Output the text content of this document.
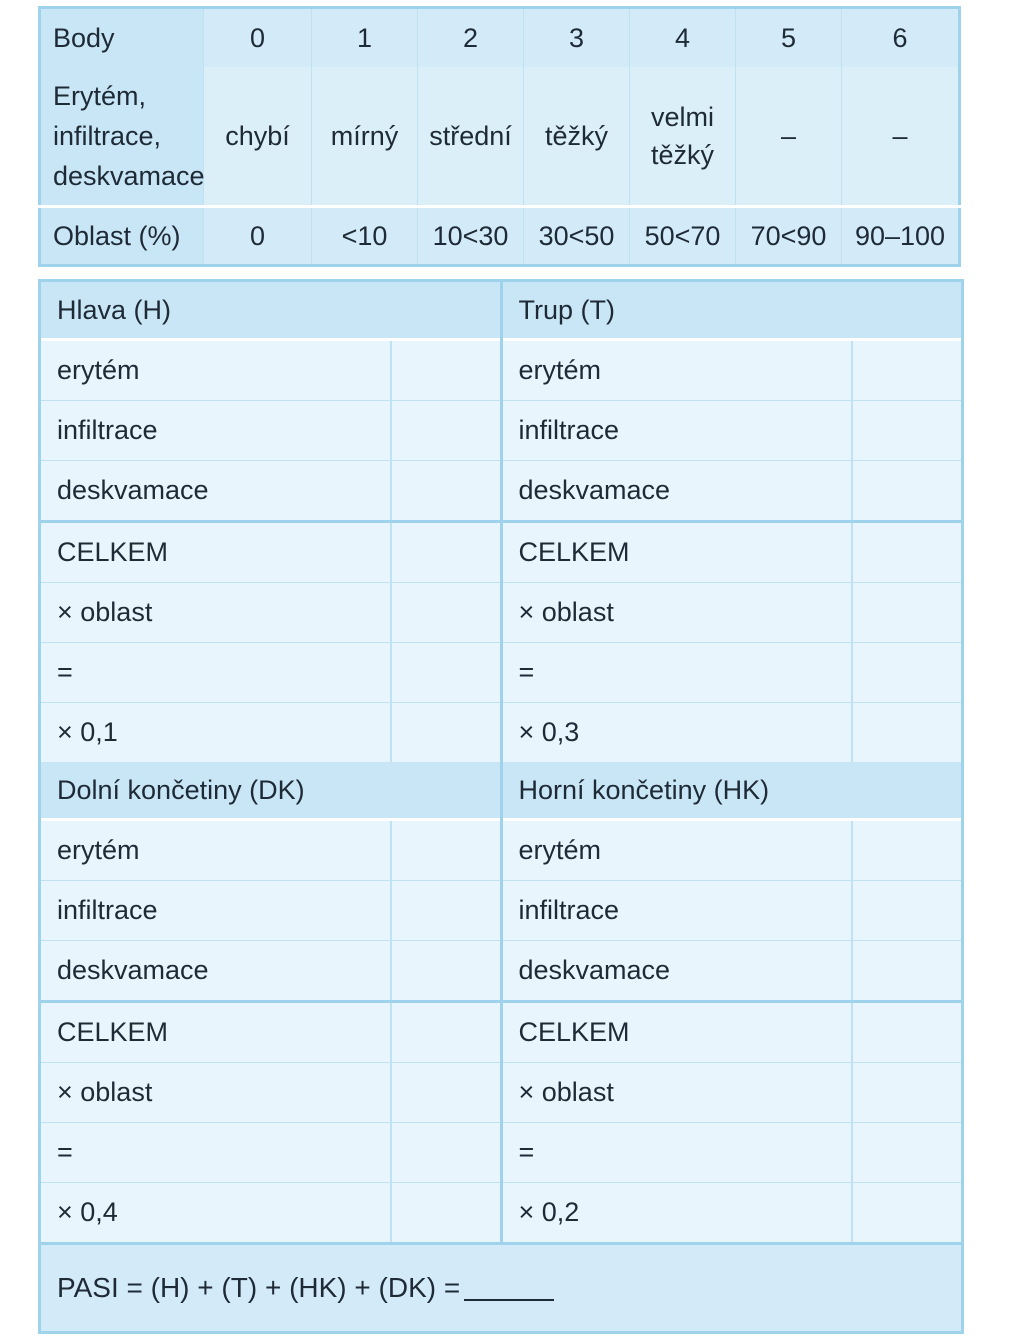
Body	0	1	2	3	4	5	6

Erytém,
infiltrace,
deskvamace	chybí	mírný	střední	těžký	velmi těžký	–	–
Oblast (%)	0	<10	10<30	30<50	50<70	70<90	90–100
Hlava (H)
erytém
infiltrace
deskvamace
CELKEM
× oblast
=
× 0,1
Trup (T)
erytém
infiltrace
deskvamace
CELKEM
× oblast
=
× 0,3
Dolní končetiny (DK)
erytém
infiltrace
deskvamace
CELKEM
× oblast
=
× 0,4
Horní končetiny (HK)
erytém
infiltrace
deskvamace
CELKEM
× oblast
=
× 0,2
PASI = (H) + (T) + (HK) + (DK) =
